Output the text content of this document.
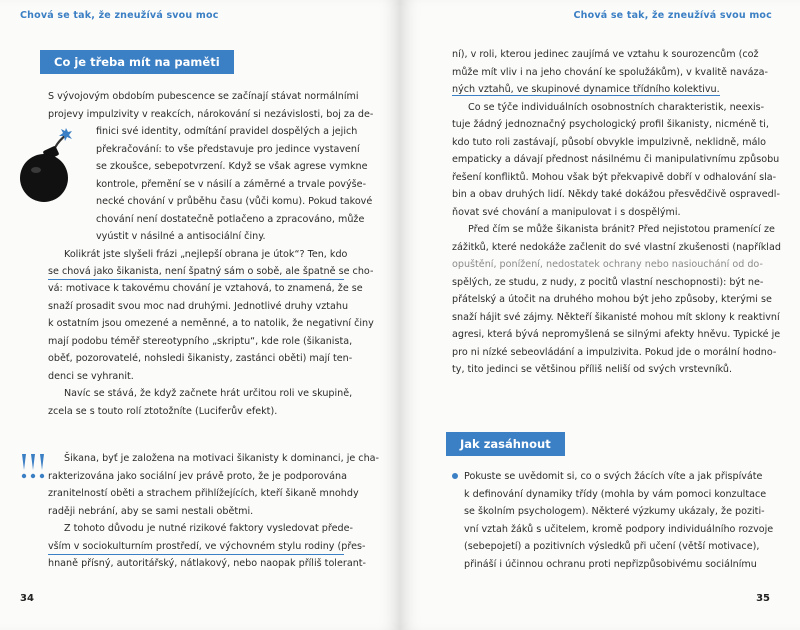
Chová se tak, že zneužívá svou moc
Co je třeba mít na paměti
S vývojovým obdobím pubescence se začínají stávat normálními
projevy impulzivity v reakcích, nárokování si nezávislosti, boj za de-
finici své identity, odmítání pravidel dospělých a jejich
překračování: to vše představuje pro jedince vystavení
se zkoušce, sebepotvrzení. Když se však agrese vymkne
kontrole, přemění se v násilí a záměrné a trvale povýše-
necké chování v průběhu času (vůči komu). Pokud takové
chování není dostatečně potlačeno a zpracováno, může
vyústit v násilné a antisociální činy.
Kolikrát jste slyšeli frázi „nejlepší obrana je útok“? Ten, kdo
se chová jako šikanista, není špatný sám o sobě, ale špatně se cho-
vá: motivace k takovému chování je vztahová, to znamená, že se
snaží prosadit svou moc nad druhými. Jednotlivé druhy vztahu
k ostatním jsou omezené a neměnné, a to natolik, že negativní činy
mají podobu téměř stereotypního „skriptu“, kde role (šikanista,
oběť, pozorovatelé, nohsledi šikanisty, zastánci oběti) mají ten-
denci se vyhranit.
Navíc se stává, že když začnete hrát určitou roli ve skupině,
zcela se s touto rolí ztotožníte (Luciferův efekt).
Šikana, byť je založena na motivaci šikanisty k dominanci, je cha-
rakterizována jako sociální jev právě proto, že je podporována
zranitelností oběti a strachem přihlížejících, kteří šikaně mnohdy
raději nebrání, aby se sami nestali obětmi.
Z tohoto důvodu je nutné rizikové faktory vysledovat přede-
vším v sociokulturním prostředí, ve výchovném stylu rodiny (přes-
hnaně přísný, autoritářský, nátlakový, nebo naopak příliš tolerant-
34
Chová se tak, že zneužívá svou moc
ní), v roli, kterou jedinec zaujímá ve vztahu k sourozencům (což
může mít vliv i na jeho chování ke spolužákům), v kvalitě naváza-
ných vztahů, ve skupinové dynamice třídního kolektivu.
Co se týče individuálních osobnostních charakteristik, neexis-
tuje žádný jednoznačný psychologický profil šikanisty, nicméně ti,
kdo tuto roli zastávají, působí obvykle impulzivně, neklidně, málo
empaticky a dávají přednost násilnému či manipulativnímu způsobu
řešení konfliktů. Mohou však být překvapivě dobří v odhalování sla-
bin a obav druhých lidí. Někdy také dokážou přesvědčivě ospravedl-
ňovat své chování a manipulovat i s dospělými.
Před čím se může šikanista bránit? Před nejistotou pramenící ze
zážitků, které nedokáže začlenit do své vlastní zkušenosti (například
opuštění, ponížení, nedostatek ochrany nebo nasiouchání od do-
spělých, ze studu, z nudy, z pocitů vlastní neschopnosti): být ne-
přátelský a útočit na druhého mohou být jeho způsoby, kterými se
snaží hájit své zájmy. Někteří šikanisté mohou mít sklony k reaktivní
agresi, která bývá nepromyšlená se silnými afekty hněvu. Typické je
pro ni nízké sebeovládání a impulzivita. Pokud jde o morální hodno-
ty, tito jedinci se většinou příliš neliší od svých vrstevníků.
Jak zasáhnout
Pokuste se uvědomit si, co o svých žácích víte a jak přispíváte
k definování dynamiky třídy (mohla by vám pomoci konzultace
se školním psychologem). Některé výzkumy ukázaly, že poziti-
vní vztah žáků s učitelem, kromě podpory individuálního rozvoje
(sebepojetí) a pozitivních výsledků při učení (větší motivace),
přináší i účinnou ochranu proti nepřizpůsobivému sociálnímu
35
